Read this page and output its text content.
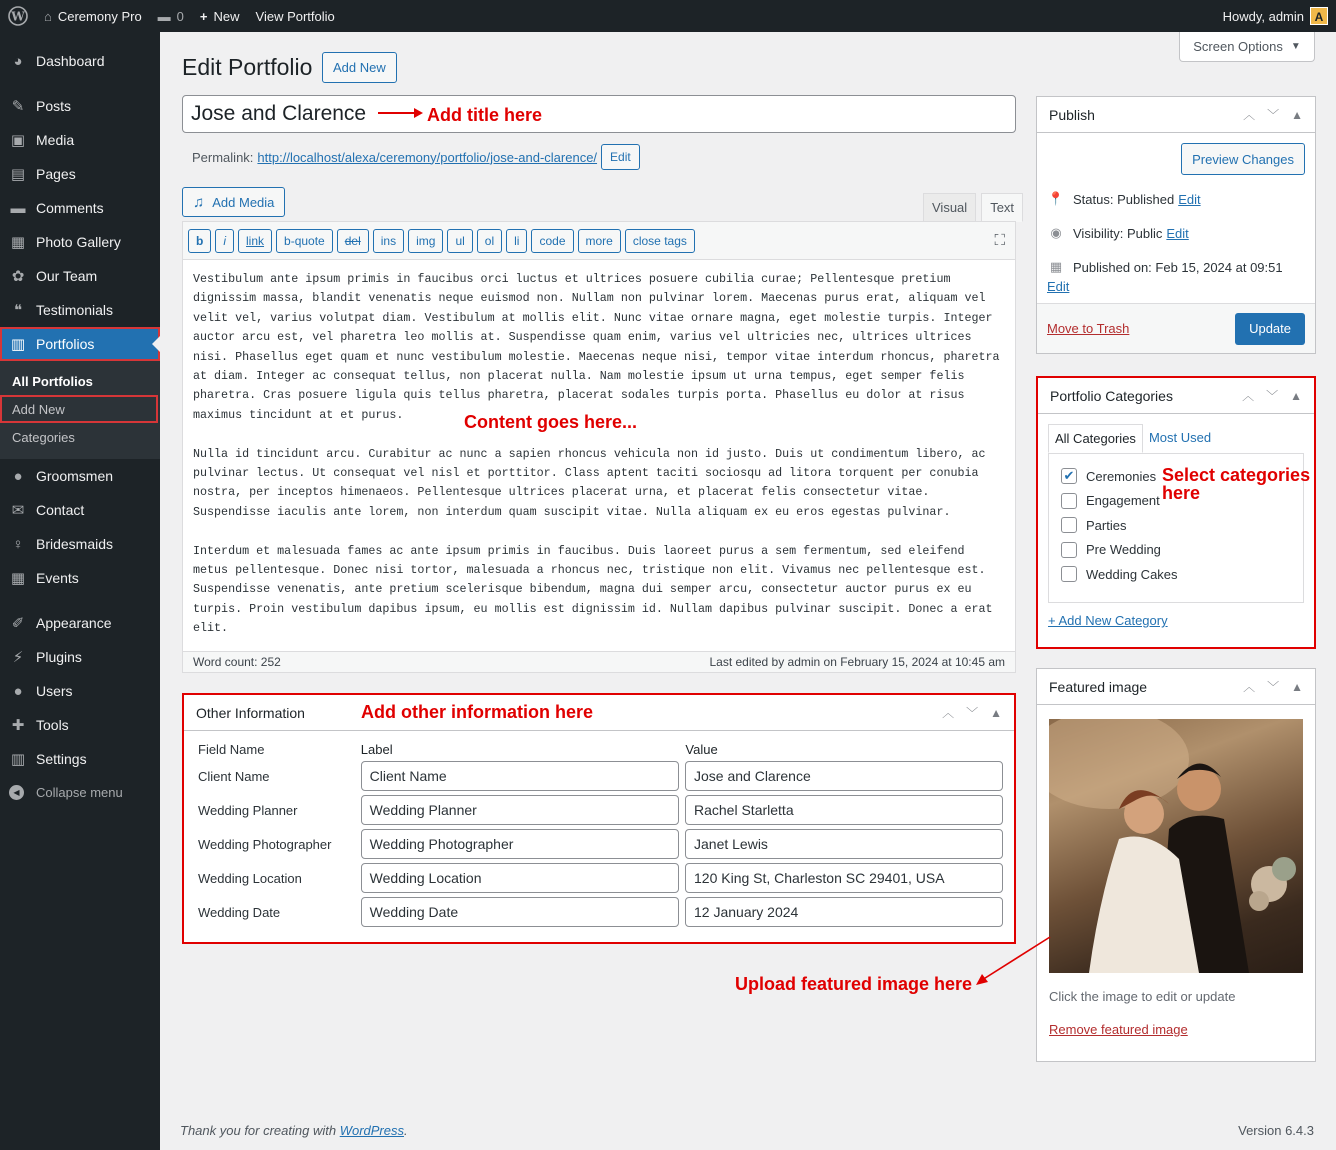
W ⌂ Ceremony Pro ▬ 0 + New View Portfolio	Howdy, admin A
◕ Dashboard
✎ Posts
▣ Media
▤ Pages
▬ Comments
▦ Photo Gallery
✿ Our Team
❝ Testimonials
▥ Portfolios
All Portfolios
Add New
Categories
● Groomsmen
✉ Contact
♀ Bridesmaids
▦ Events
✐ Appearance
⚡ Plugins
● Users
✚ Tools
▥ Settings
◀	Collapse menu
Screen Options ▼
Edit Portfolio	Add New
Jose and Clarence	Add title here
Permalink: http://localhost/alexa/ceremony/portfolio/jose-and-clarence/	Edit
♫ Add Media	Visual	Text
b	i	link	b-quote	del	ins	img	ul	ol	li	code	more	close tags	⛶

Vestibulum ante ipsum primis in faucibus orci luctus et ultrices posuere cubilia curae; Pellentesque pretium dignissim massa, blandit venenatis neque euismod non. Nullam non pulvinar lorem. Maecenas purus erat, aliquam vel velit vel, varius volutpat diam. Vestibulum at mollis elit. Nunc vitae ornare magna, eget molestie turpis. Integer auctor arcu est, vel pharetra leo mollis at. Suspendisse quam enim, varius vel ultricies nec, ultrices ultrices nisi. Phasellus eget quam et nunc vestibulum molestie. Maecenas neque nisi, tempor vitae interdum rhoncus, pharetra at diam. Integer ac consequat tellus, non placerat nulla. Nam molestie ipsum ut urna tempus, eget semper felis pharetra. Cras posuere ligula quis tellus pharetra, placerat sodales turpis porta. Phasellus eu dolor at risus maximus tincidunt at et purus.

Nulla id tincidunt arcu. Curabitur ac nunc a sapien rhoncus vehicula non id justo. Duis ut condimentum libero, ac pulvinar lectus. Ut consequat vel nisl et porttitor. Class aptent taciti sociosqu ad litora torquent per conubia nostra, per inceptos himenaeos. Pellentesque ultrices placerat urna, et placerat felis consectetur vitae. Suspendisse iaculis ante lorem, non interdum quam suscipit vitae. Nulla aliquam ex eu eros egestas pulvinar.

Interdum et malesuada fames ac ante ipsum primis in faucibus. Duis laoreet purus a sem fermentum, sed eleifend metus pellentesque. Donec nisi tortor, malesuada a rhoncus nec, tristique non elit. Vivamus nec pellentesque est. Suspendisse venenatis, ante pretium scelerisque bibendum, magna dui semper arcu, consectetur auctor purus ex eu turpis. Proin vestibulum dapibus ipsum, eu mollis est dignissim id. Nullam dapibus pulvinar suscipit. Donec a erat elit.

Content goes here...
Word count: 252	Last edited by admin on February 15, 2024 at 10:45 am
Other Information	Add other information here	︿ ﹀ ▲
Field Name	Label	Value
Client Name	Client Name	Jose and Clarence
Wedding Planner	Wedding Planner	Rachel Starletta
Wedding Photographer	Wedding Photographer	Janet Lewis
Wedding Location	Wedding Location	120 King St, Charleston SC 29401, USA
Wedding Date	Wedding Date	12 January 2024
Publish	︿ ﹀ ▲
Preview Changes
📍 Status: Published Edit
◉ Visibility: Public Edit
▦ Published on: Feb 15, 2024 at 09:51
Edit
Move to Trash	Update
Portfolio Categories	︿ ﹀ ▲
All Categories	Most Used
✔ Ceremonies
Engagement
Parties
Pre Wedding
Wedding Cakes
+ Add New Category
Select categories
here
Featured image	︿ ﹀ ▲
Click the image to edit or update
Remove featured image
Upload featured image here
Thank you for creating with WordPress.	Version 6.4.3
